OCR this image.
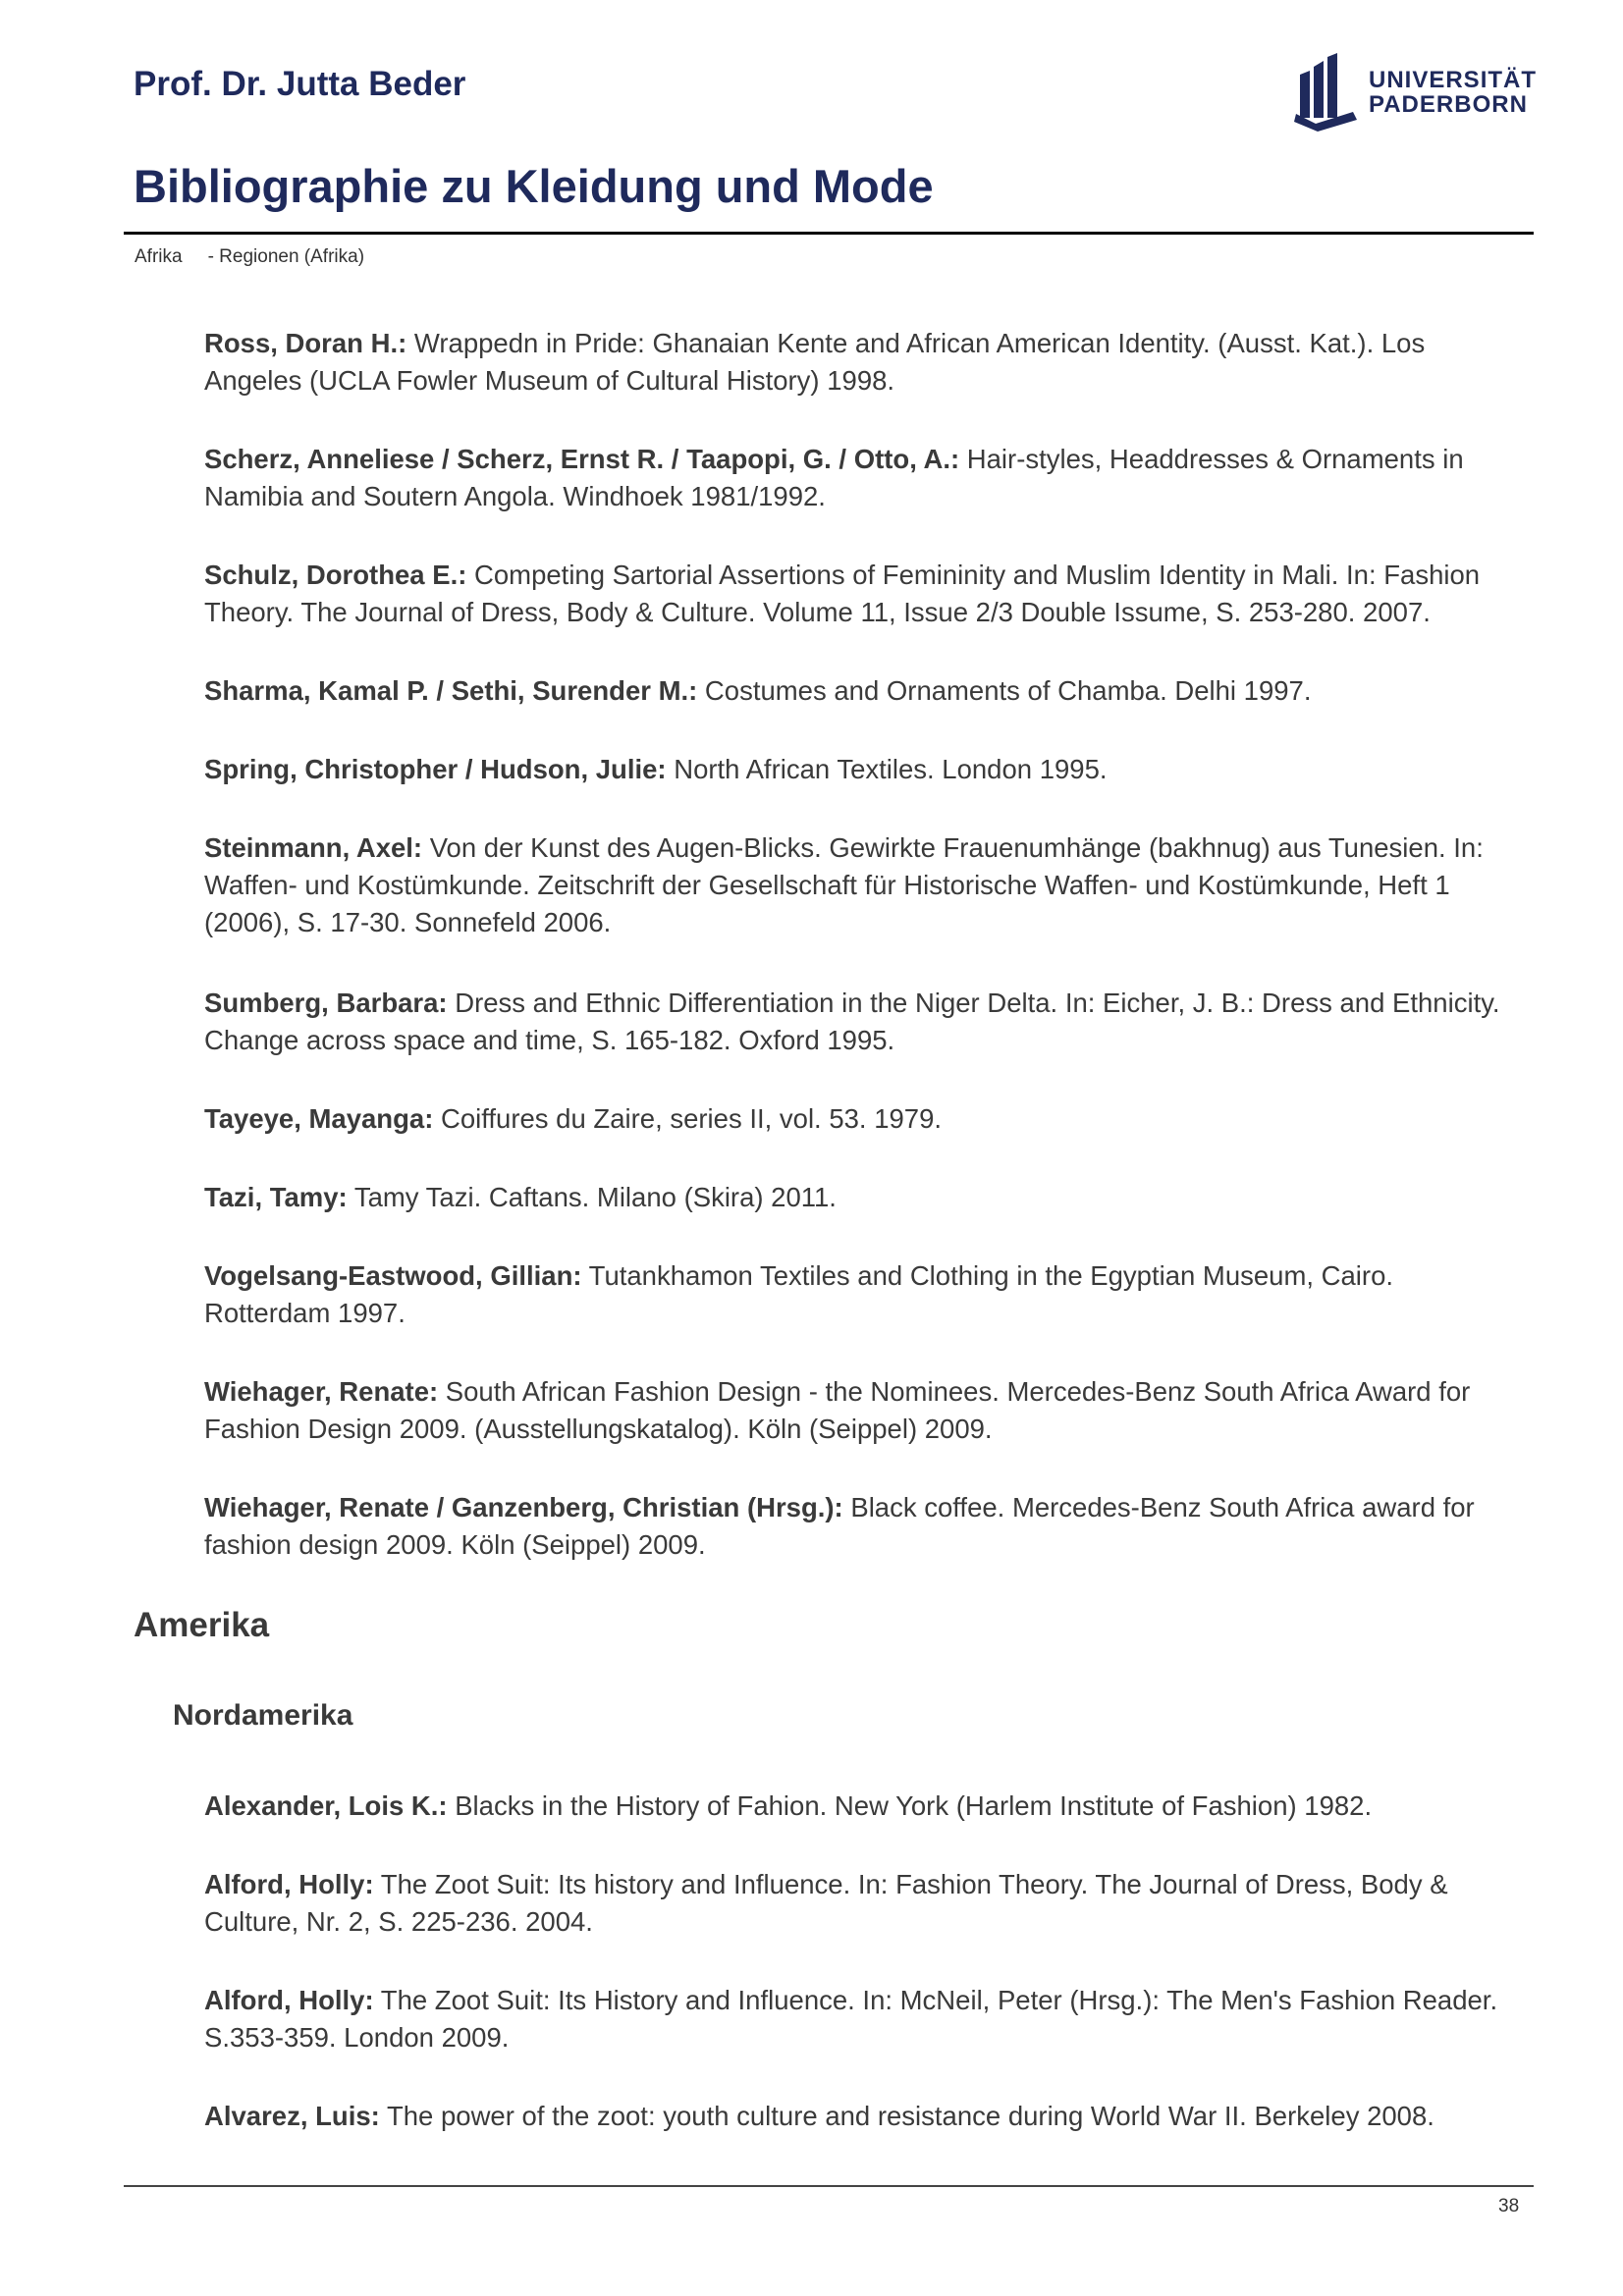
Prof. Dr. Jutta Beder	UNIVERSITÄT
PADERBORN
Bibliographie zu Kleidung und Mode
Afrika - Regionen (Afrika)

Ross, Doran H.: Wrappedn in Pride: Ghanaian Kente and African American Identity. (Ausst. Kat.). Los Angeles (UCLA Fowler Museum of Cultural History) 1998.

Scherz, Anneliese / Scherz, Ernst R. / Taapopi, G. / Otto, A.: Hair-styles, Headdresses & Ornaments in Namibia and Soutern Angola. Windhoek 1981/1992.

Schulz, Dorothea E.: Competing Sartorial Assertions of Femininity and Muslim Identity in Mali. In: Fashion Theory. The Journal of Dress, Body & Culture. Volume 11, Issue 2/3 Double Issume, S. 253-280. 2007.

Sharma, Kamal P. / Sethi, Surender M.: Costumes and Ornaments of Chamba. Delhi 1997.

Spring, Christopher / Hudson, Julie: North African Textiles. London 1995.

Steinmann, Axel: Von der Kunst des Augen-Blicks. Gewirkte Frauenumhänge (bakhnug) aus Tunesien. In: Waffen- und Kostümkunde. Zeitschrift der Gesellschaft für Historische Waffen- und Kostümkunde, Heft 1 (2006), S. 17-30. Sonnefeld 2006.

Sumberg, Barbara: Dress and Ethnic Differentiation in the Niger Delta. In: Eicher, J. B.: Dress and Ethnicity. Change across space and time, S. 165-182. Oxford 1995.

Tayeye, Mayanga: Coiffures du Zaire, series II, vol. 53. 1979.

Tazi, Tamy: Tamy Tazi. Caftans. Milano (Skira) 2011.

Vogelsang-Eastwood, Gillian: Tutankhamon Textiles and Clothing in the Egyptian Museum, Cairo. Rotterdam 1997.

Wiehager, Renate: South African Fashion Design - the Nominees. Mercedes-Benz South Africa Award for Fashion Design 2009. (Ausstellungskatalog). Köln (Seippel) 2009.

Wiehager, Renate / Ganzenberg, Christian (Hrsg.): Black coffee. Mercedes-Benz South Africa award for fashion design 2009. Köln (Seippel) 2009.

Amerika
Nordamerika

Alexander, Lois K.: Blacks in the History of Fahion. New York (Harlem Institute of Fashion) 1982.

Alford, Holly: The Zoot Suit: Its history and Influence. In: Fashion Theory. The Journal of Dress, Body & Culture, Nr. 2, S. 225-236. 2004.

Alford, Holly: The Zoot Suit: Its History and Influence. In: McNeil, Peter (Hrsg.): The Men's Fashion Reader. S.353-359. London 2009.

Alvarez, Luis: The power of the zoot: youth culture and resistance during World War II. Berkeley 2008.

38
